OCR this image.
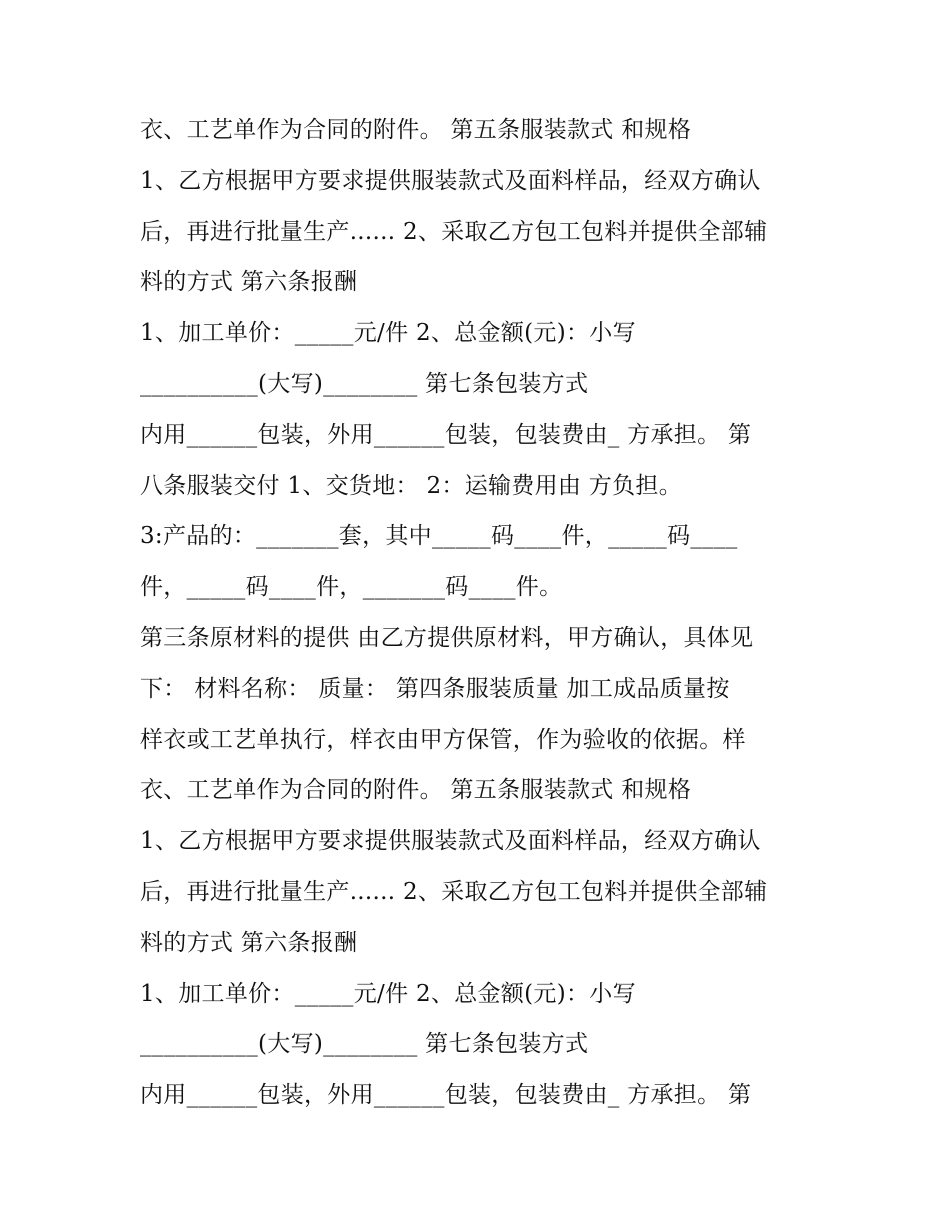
衣、工艺单作为合同的附件。 第五条服装款式 和规格
1、乙方根据甲方要求提供服装款式及面料样品，经双方确认
后，再进行批量生产...... 2、采取乙方包工包料并提供全部辅
料的方式 第六条报酬
1、加工单价：_____元/件 2、总金额(元)：小写
__________(大写)________ 第七条包装方式
内用______包装，外用______包装，包装费由_ 方承担。 第
八条服装交付 1、交货地： 2：运输费用由 方负担。
3:产品的：_______套，其中_____码____件，_____码____
件，_____码____件，_______码____件。
第三条原材料的提供 由乙方提供原材料，甲方确认，具体见
下： 材料名称： 质量： 第四条服装质量 加工成品质量按
样衣或工艺单执行，样衣由甲方保管，作为验收的依据。样
衣、工艺单作为合同的附件。 第五条服装款式 和规格
1、乙方根据甲方要求提供服装款式及面料样品，经双方确认
后，再进行批量生产...... 2、采取乙方包工包料并提供全部辅
料的方式 第六条报酬
1、加工单价：_____元/件 2、总金额(元)：小写
__________(大写)________ 第七条包装方式
内用______包装，外用______包装，包装费由_ 方承担。 第
